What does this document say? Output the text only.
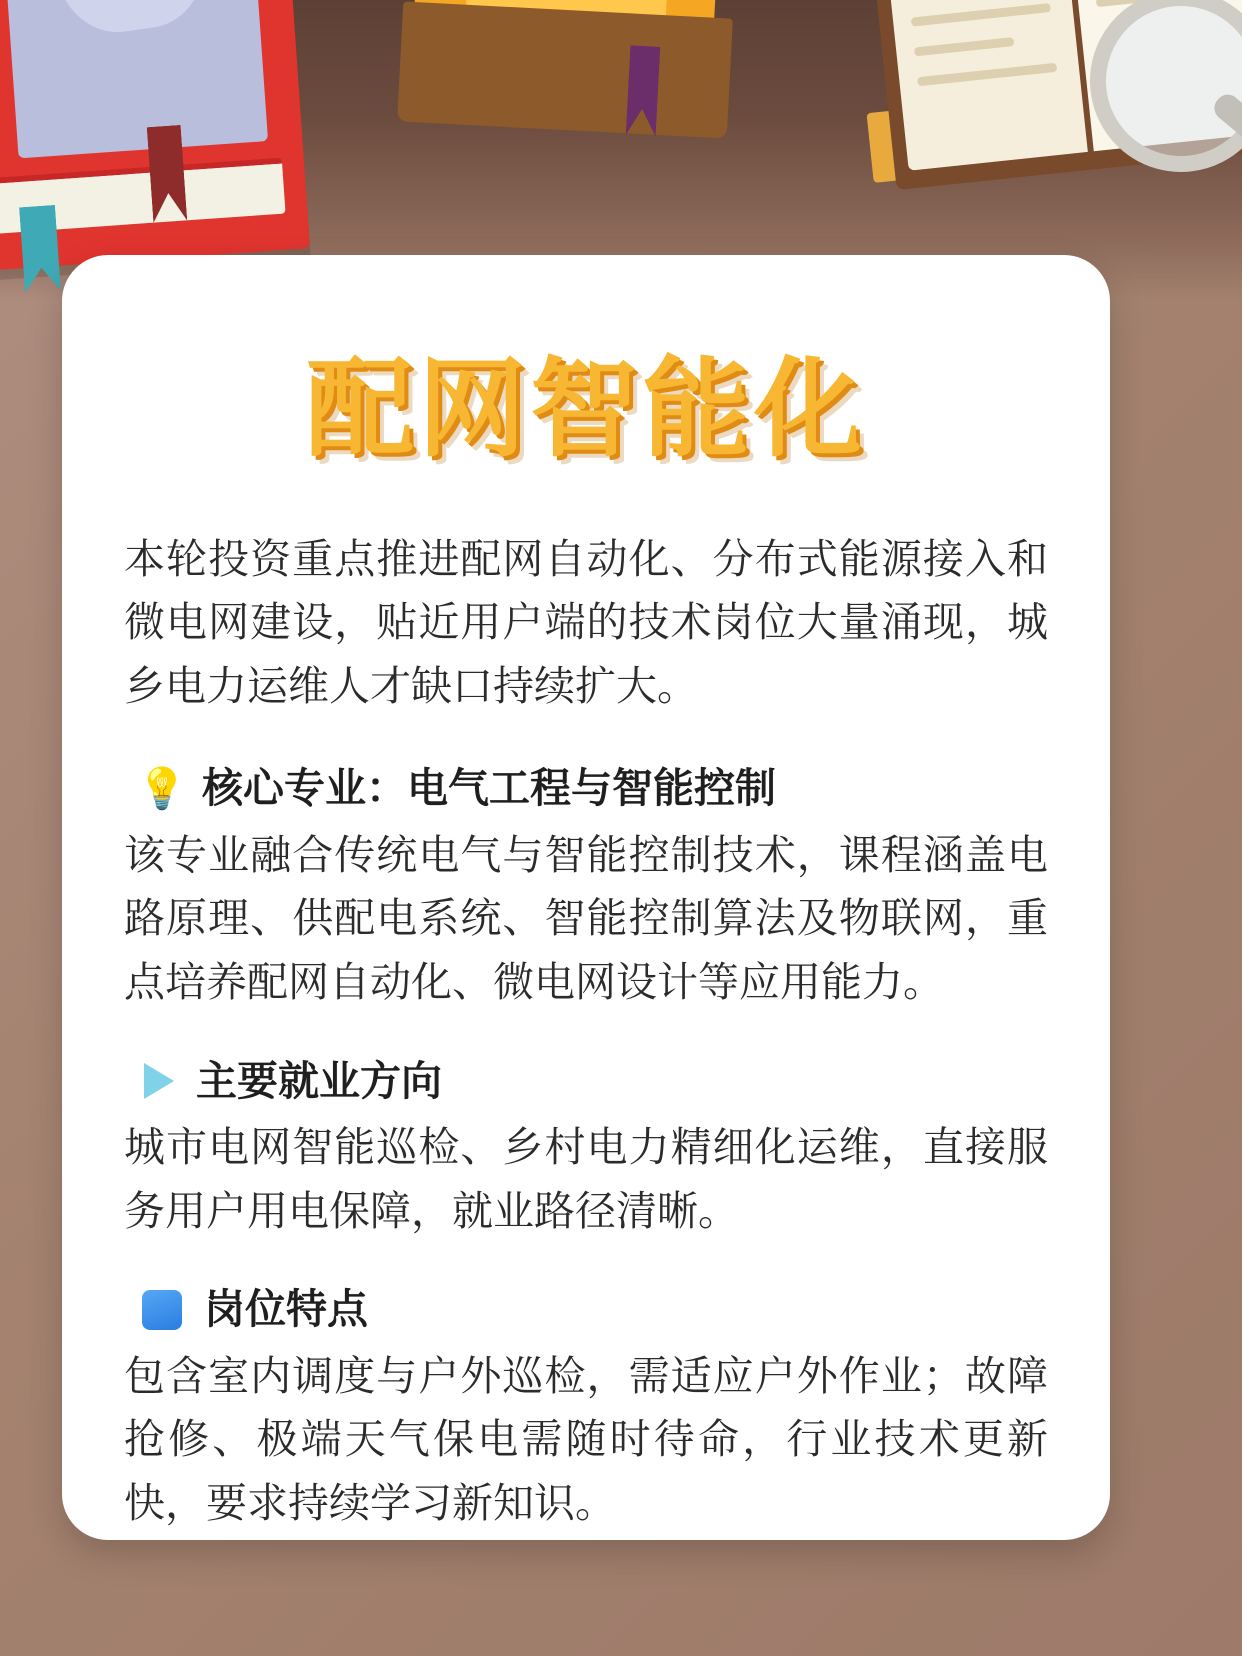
配网智能化

本轮投资重点推进配网自动化、分布式能源接入和微电网建设，贴近用户端的技术岗位大量涌现，城乡电力运维人才缺口持续扩大。

💡 核心专业：电气工程与智能控制

该专业融合传统电气与智能控制技术，课程涵盖电路原理、供配电系统、智能控制算法及物联网，重点培养配网自动化、微电网设计等应用能力。

主要就业方向

城市电网智能巡检、乡村电力精细化运维，直接服务用户用电保障，就业路径清晰。

岗位特点

包含室内调度与户外巡检，需适应户外作业；故障抢修、极端天气保电需随时待命，行业技术更新快，要求持续学习新知识。
